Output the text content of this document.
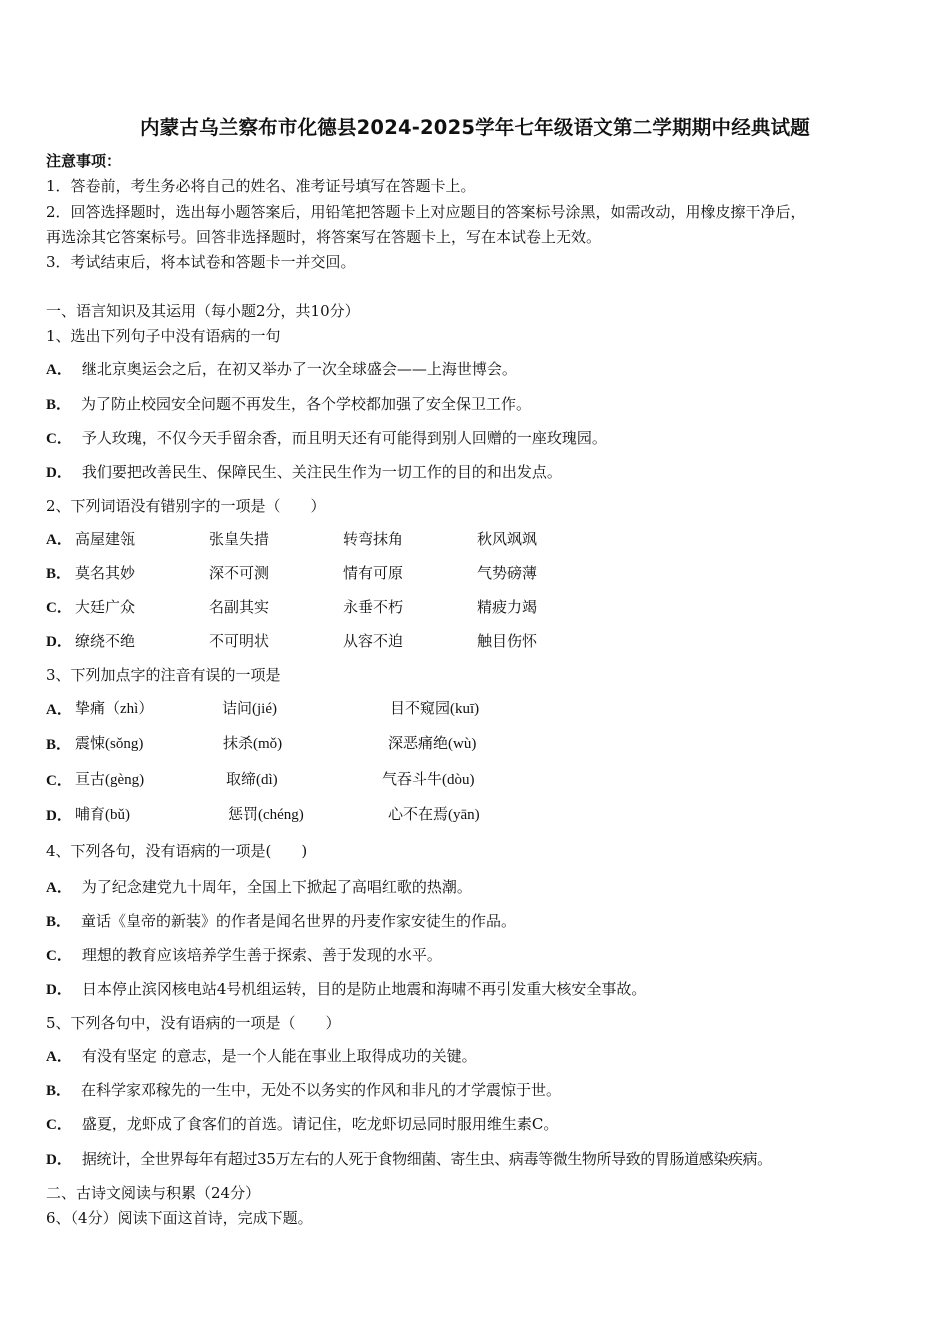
内蒙古乌兰察布市化德县2024-2025学年七年级语文第二学期期中经典试题
注意事项：
1．答卷前，考生务必将自己的姓名、准考证号填写在答题卡上。
2．回答选择题时，选出每小题答案后，用铅笔把答题卡上对应题目的答案标号涂黑，如需改动，用橡皮擦干净后，
再选涂其它答案标号。回答非选择题时，将答案写在答题卡上，写在本试卷上无效。
3．考试结束后，将本试卷和答题卡一并交回。
一、语言知识及其运用（每小题2分，共10分）
1、选出下列句子中没有语病的一句
A． 继北京奥运会之后，在初又举办了一次全球盛会——上海世博会。
B． 为了防止校园安全问题不再发生，各个学校都加强了安全保卫工作。
C． 予人玫瑰，不仅今天手留余香，而且明天还有可能得到别人回赠的一座玫瑰园。
D． 我们要把改善民生、保障民生、关注民生作为一切工作的目的和出发点。
2、下列词语没有错别字的一项是（　　）
A． 高屋建瓴	张皇失措	转弯抹角	秋风飒飒
B． 莫名其妙	深不可测	情有可原	气势磅薄
C． 大廷广众	名副其实	永垂不朽	精疲力竭
D． 缭绕不绝	不可明状	从容不迫	触目伤怀
3、下列加点字的注音有误的一项是
A． 挚痛（zhì）	诘问(jié)	目不窥园(kuī)
B． 震悚(sǒng)	抹杀(mǒ)	深恶痛绝(wù)
C． 亘古(gèng)	取缔(dì)	气吞斗牛(dòu)
D． 哺育(bǔ)	惩罚(chéng)	心不在焉(yān)
4、下列各句，没有语病的一项是(　　)
A． 为了纪念建党九十周年，全国上下掀起了高唱红歌的热潮。
B． 童话《皇帝的新装》的作者是闻名世界的丹麦作家安徒生的作品。
C． 理想的教育应该培养学生善于探索、善于发现的水平。
D． 日本停止滨冈核电站4号机组运转，目的是防止地震和海啸不再引发重大核安全事故。
5、下列各句中，没有语病的一项是（　　）
A． 有没有坚定 的意志，是一个人能在事业上取得成功的关键。
B． 在科学家邓稼先的一生中，无处不以务实的作风和非凡的才学震惊于世。
C． 盛夏，龙虾成了食客们的首选。请记住，吃龙虾切忌同时服用维生素C。
D． 据统计，全世界每年有超过35万左右的人死于食物细菌、寄生虫、病毒等微生物所导致的胃肠道感染疾病。
二、古诗文阅读与积累（24分）
6、（4分）阅读下面这首诗，完成下题。
